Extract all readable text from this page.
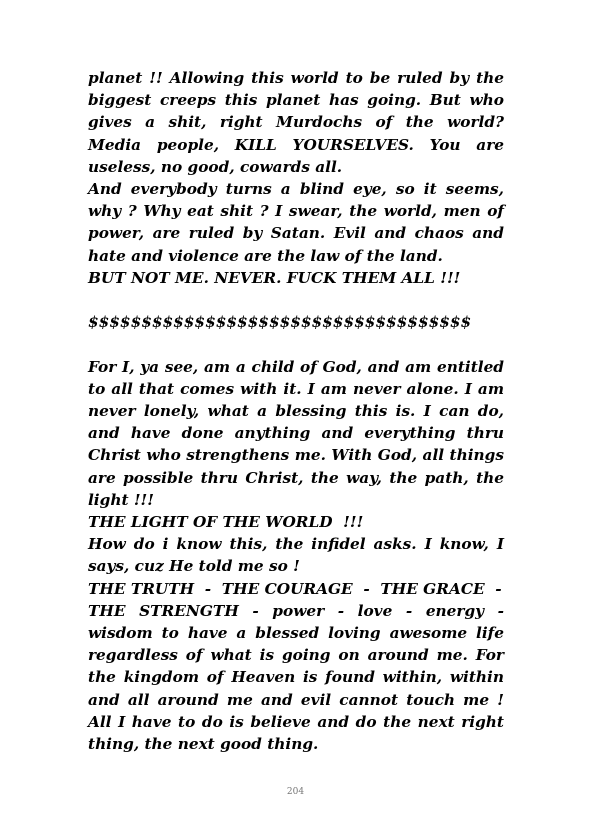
planet !! Allowing this world to be ruled by the biggest creeps this planet has going. But who gives a shit, right Murdochs of the world? Media people, KILL YOURSELVES. You are useless, no good, cowards all.

And everybody turns a blind eye, so it seems, why ? Why eat shit ? I swear, the world, men of power, are ruled by Satan. Evil and chaos and hate and violence are the law of the land.

BUT NOT ME. NEVER. FUCK THEM ALL !!!

$$$$$$$$$$$$$$$$$$$$$$$$$$$$$$$$$$$$

For I, ya see, am a child of God, and am entitled to all that comes with it. I am never alone. I am never lonely, what a blessing this is. I can do, and have done anything and everything thru Christ who strengthens me. With God, all things are possible thru Christ, the way, the path, the light !!!

THE LIGHT OF THE WORLD  !!!

How do i know this, the infidel asks. I know, I says, cuz He told me so !

THE TRUTH  -  THE COURAGE  -  THE GRACE  -

THE STRENGTH - power - love - energy - wisdom to have a blessed loving awesome life regardless of what is going on around me. For the kingdom of Heaven is found within, within and all around me and evil cannot touch me ! All I have to do is believe and do the next right thing, the next good thing.

204
